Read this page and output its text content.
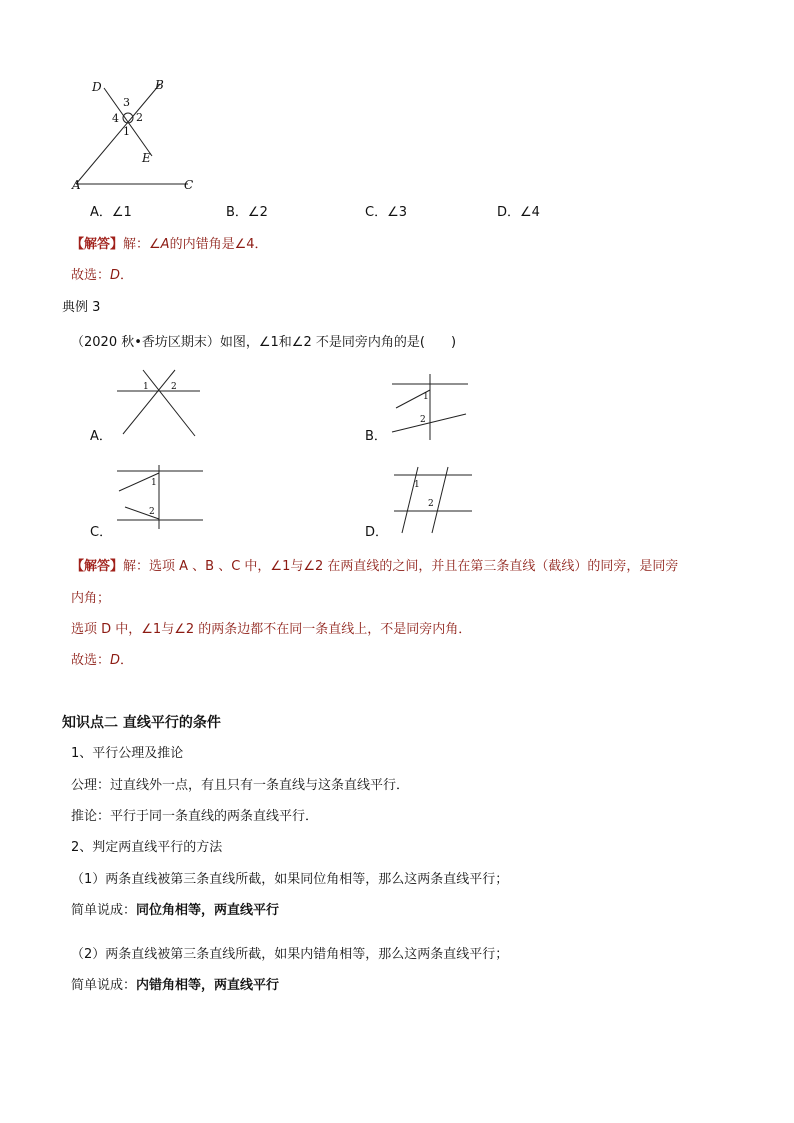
D	B
3
4 2
1
E
A	C
A．∠1	B．∠2	C．∠3	D．∠4
【解答】解：∠A的内错角是∠4．
故选：D．
典例 3
（2020 秋•香坊区期末）如图，∠1和∠2 不是同旁内角的是(　　)
1 2
A．
1
2
B．
1
2
C．
1
2
D．
【解答】解：选项 A 、B 、C 中，∠1与∠2 在两直线的之间，并且在第三条直线（截线）的同旁，是同旁
内角；
选项 D 中，∠1与∠2 的两条边都不在同一条直线上，不是同旁内角．
故选：D．
知识点二 直线平行的条件
1、平行公理及推论
公理：过直线外一点，有且只有一条直线与这条直线平行．
推论：平行于同一条直线的两条直线平行．
2、判定两直线平行的方法
（1）两条直线被第三条直线所截，如果同位角相等，那么这两条直线平行；
简单说成：同位角相等，两直线平行
（2）两条直线被第三条直线所截，如果内错角相等，那么这两条直线平行；
简单说成：内错角相等，两直线平行
